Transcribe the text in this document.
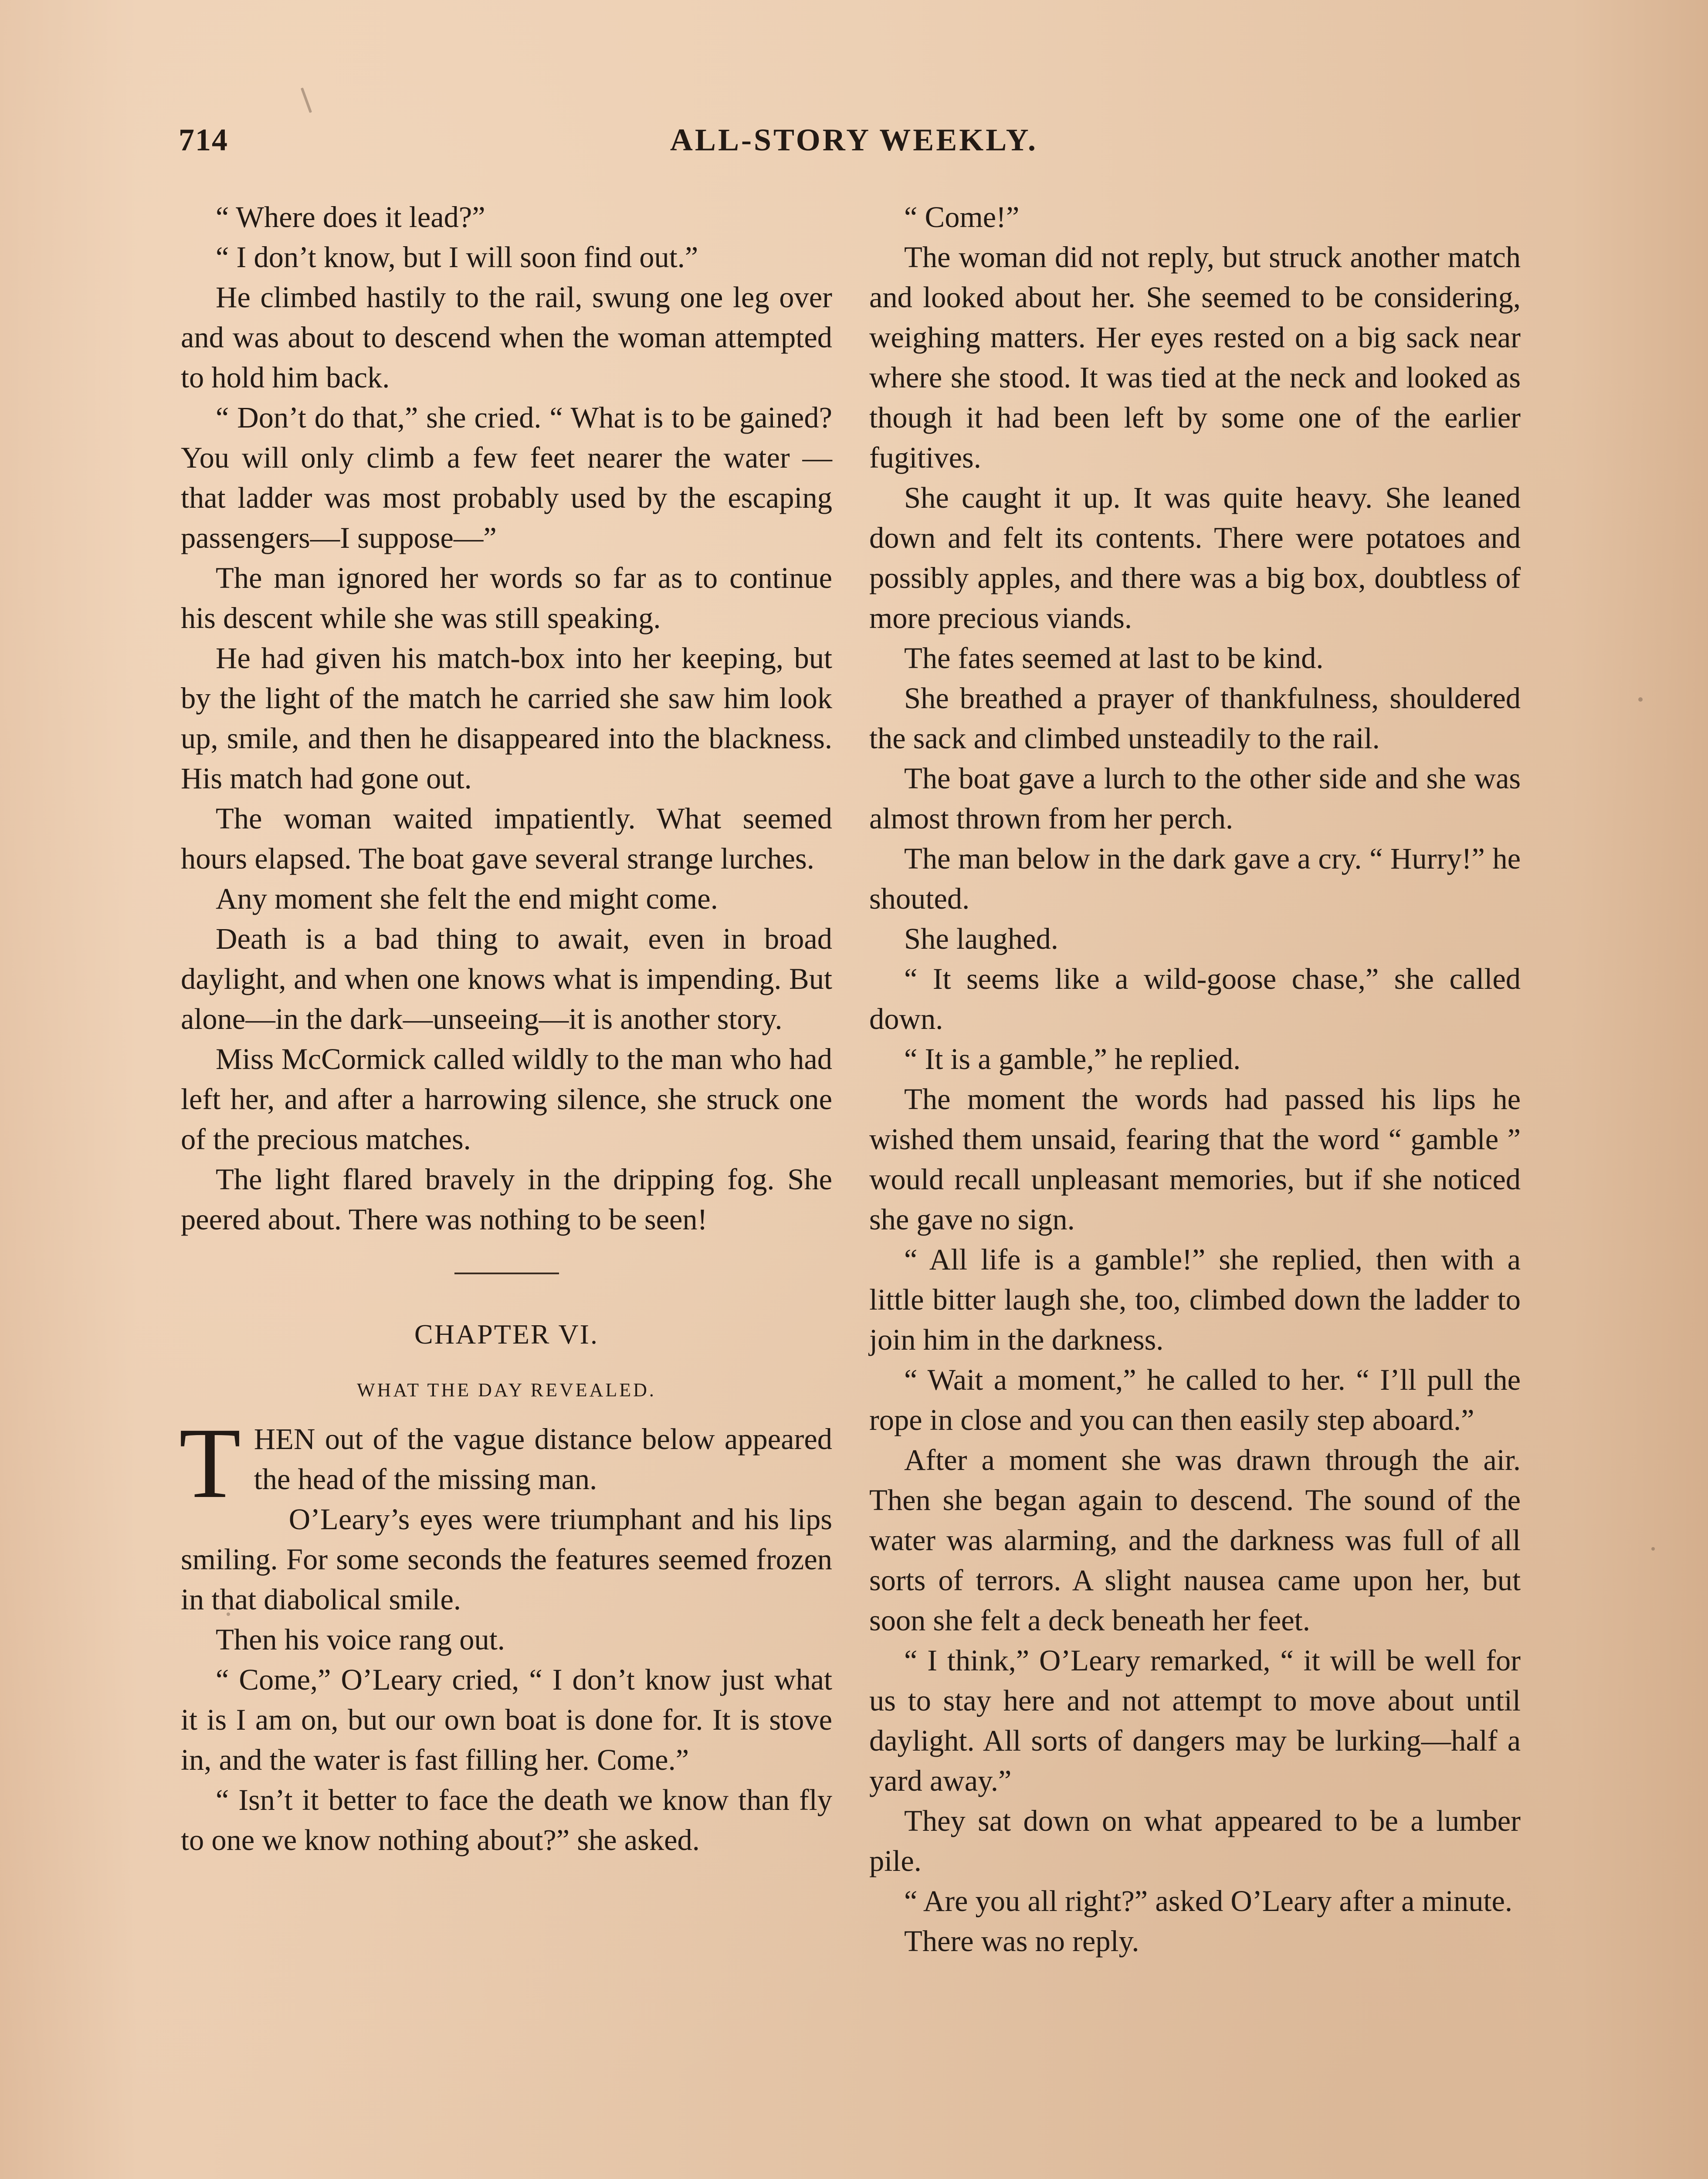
714	ALL-STORY WEEKLY.

“ Where does it lead?”

“ I don’t know, but I will soon find out.”

He climbed hastily to the rail, swung one leg over and was about to descend when the woman attempted to hold him back.

“ Don’t do that,” she cried. “ What is to be gained? You will only climb a few feet nearer the water — that ladder was most probably used by the escaping passengers—I suppose—”

The man ignored her words so far as to continue his descent while she was still speaking.

He had given his match-box into her keeping, but by the light of the match he carried she saw him look up, smile, and then he disappeared into the blackness. His match had gone out.

The woman waited impatiently. What seemed hours elapsed. The boat gave several strange lurches.

Any moment she felt the end might come.

Death is a bad thing to await, even in broad daylight, and when one knows what is impending. But alone—in the dark—unseeing—it is another story.

Miss McCormick called wildly to the man who had left her, and after a harrowing silence, she struck one of the precious matches.

The light flared bravely in the dripping fog. She peered about. There was nothing to be seen!

CHAPTER VI.

WHAT THE DAY REVEALED.

THEN out of the vague distance below appeared the head of the missing man.

O’Leary’s eyes were triumphant and his lips smiling. For some seconds the features seemed frozen in that diabolical smile.

Then his voice rang out.

“ Come,” O’Leary cried, “ I don’t know just what it is I am on, but our own boat is done for. It is stove in, and the water is fast filling her. Come.”

“ Isn’t it better to face the death we know than fly to one we know nothing about?” she asked.

“ Come!”

The woman did not reply, but struck another match and looked about her. She seemed to be considering, weighing matters. Her eyes rested on a big sack near where she stood. It was tied at the neck and looked as though it had been left by some one of the earlier fugitives.

She caught it up. It was quite heavy. She leaned down and felt its contents. There were potatoes and possibly apples, and there was a big box, doubtless of more precious viands.

The fates seemed at last to be kind.

She breathed a prayer of thankfulness, shouldered the sack and climbed unsteadily to the rail.

The boat gave a lurch to the other side and she was almost thrown from her perch.

The man below in the dark gave a cry. “ Hurry!” he shouted.

She laughed.

“ It seems like a wild-goose chase,” she called down.

“ It is a gamble,” he replied.

The moment the words had passed his lips he wished them unsaid, fearing that the word “ gamble ” would recall unpleasant memories, but if she noticed she gave no sign.

“ All life is a gamble!” she replied, then with a little bitter laugh she, too, climbed down the ladder to join him in the darkness.

“ Wait a moment,” he called to her. “ I’ll pull the rope in close and you can then easily step aboard.”

After a moment she was drawn through the air. Then she began again to descend. The sound of the water was alarming, and the darkness was full of all sorts of terrors. A slight nausea came upon her, but soon she felt a deck beneath her feet.

“ I think,” O’Leary remarked, “ it will be well for us to stay here and not attempt to move about until daylight. All sorts of dangers may be lurking—half a yard away.”

They sat down on what appeared to be a lumber pile.

“ Are you all right?” asked O’Leary after a minute.

There was no reply.
